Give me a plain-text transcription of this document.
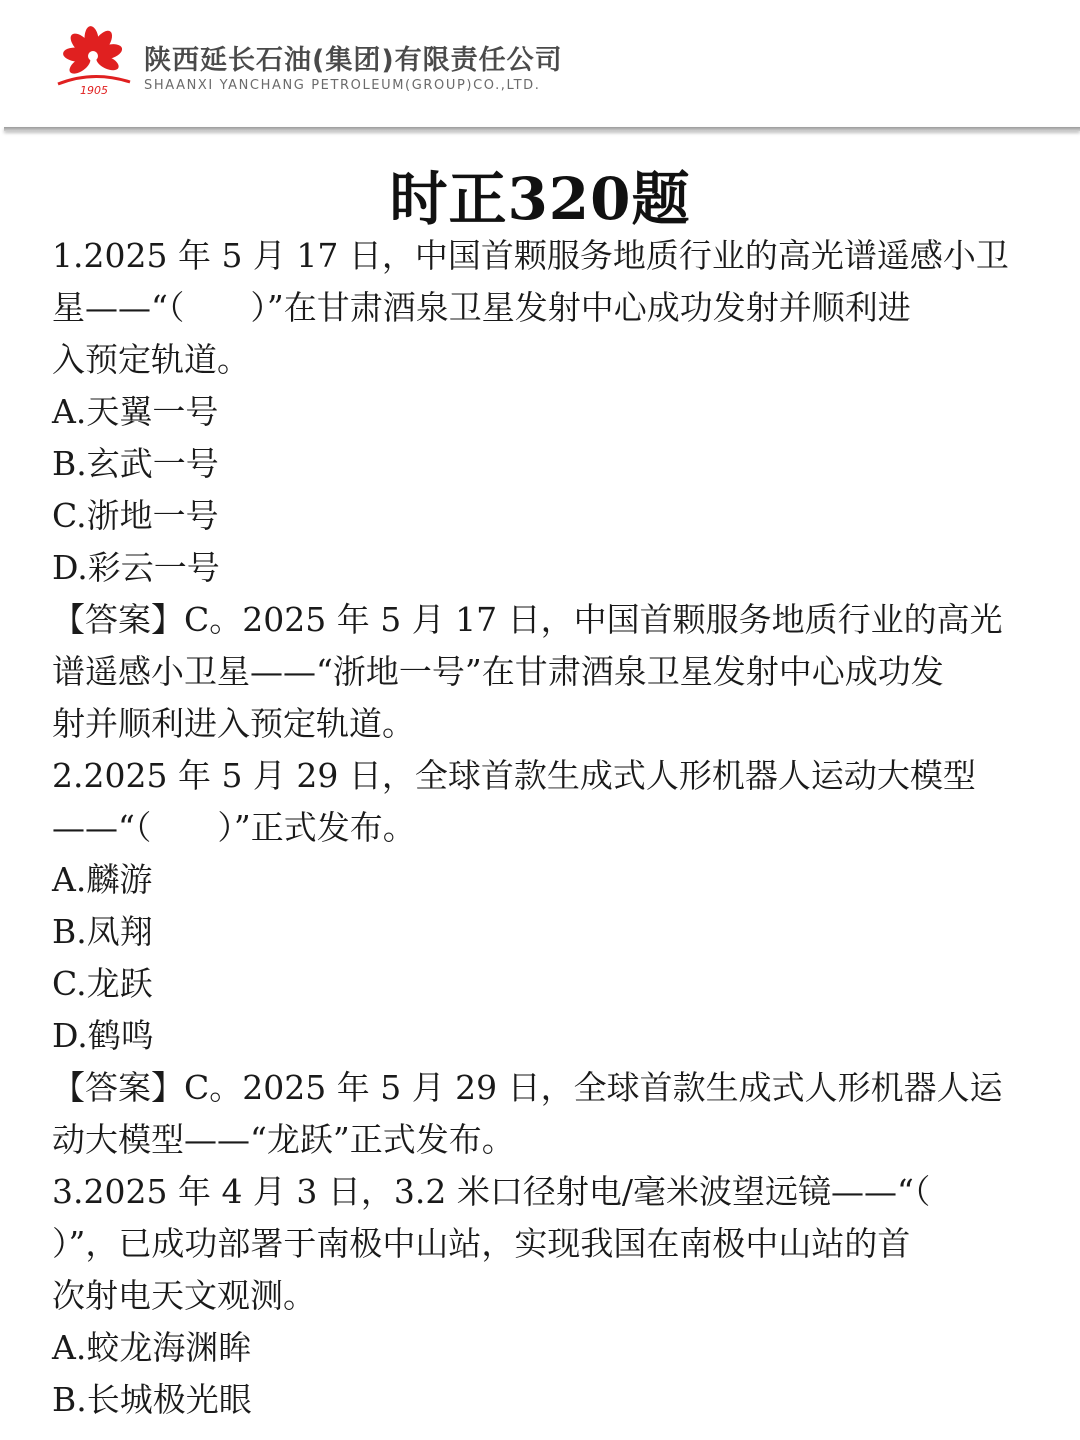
1905
陕西延长石油(集团)有限责任公司
SHAANXI YANCHANG PETROLEUM(GROUP)CO.,LTD.
时正320题
1.2025 年 5 月 17 日，中国首颗服务地质行业的高光谱遥感小卫
星——“（　　）”在甘肃酒泉卫星发射中心成功发射并顺利进
入预定轨道。
A.天翼一号
B.玄武一号
C.浙地一号
D.彩云一号
【答案】C。2025 年 5 月 17 日，中国首颗服务地质行业的高光
谱遥感小卫星——“浙地一号”在甘肃酒泉卫星发射中心成功发
射并顺利进入预定轨道。
2.2025 年 5 月 29 日，全球首款生成式人形机器人运动大模型
——“（　　）”正式发布。
A.麟游
B.凤翔
C.龙跃
D.鹤鸣
【答案】C。2025 年 5 月 29 日，全球首款生成式人形机器人运
动大模型——“龙跃”正式发布。
3.2025 年 4 月 3 日，3.2 米口径射电/毫米波望远镜——“（
）”，已成功部署于南极中山站，实现我国在南极中山站的首
次射电天文观测。
A.蛟龙海渊眸
B.长城极光眼
